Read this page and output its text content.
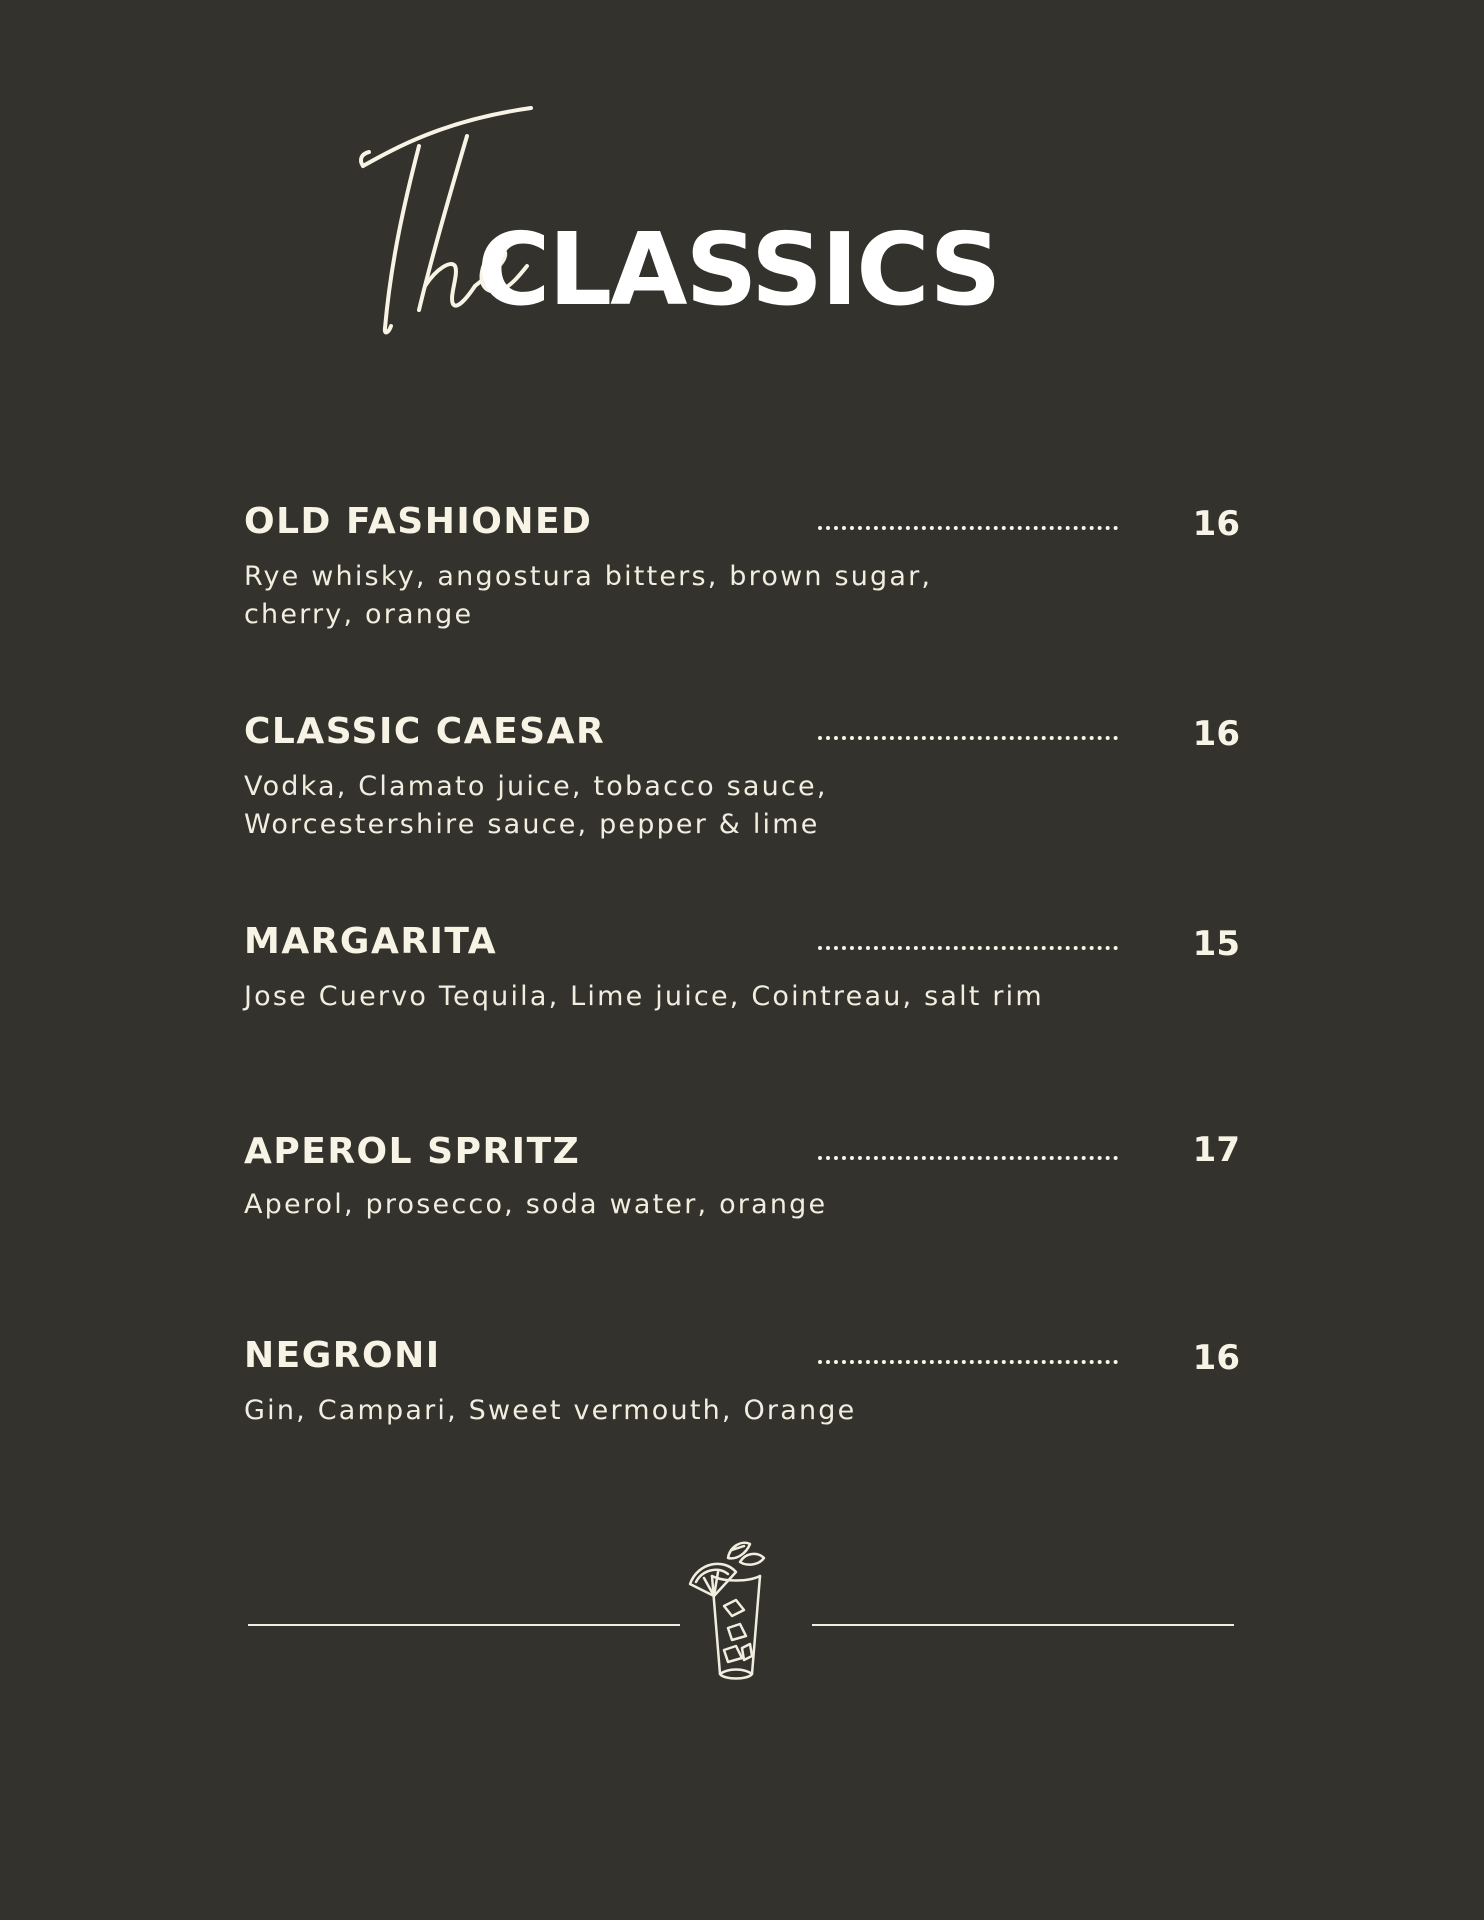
CLASSICS
OLD FASHIONED	16
Rye whisky, angostura bitters, brown sugar, cherry, orange
CLASSIC CAESAR	16
Vodka, Clamato juice, tobacco sauce, Worcestershire sauce, pepper & lime
MARGARITA	15
Jose Cuervo Tequila, Lime juice, Cointreau, salt rim
APEROL SPRITZ	17
Aperol, prosecco, soda water, orange
NEGRONI	16
Gin, Campari, Sweet vermouth, Orange
